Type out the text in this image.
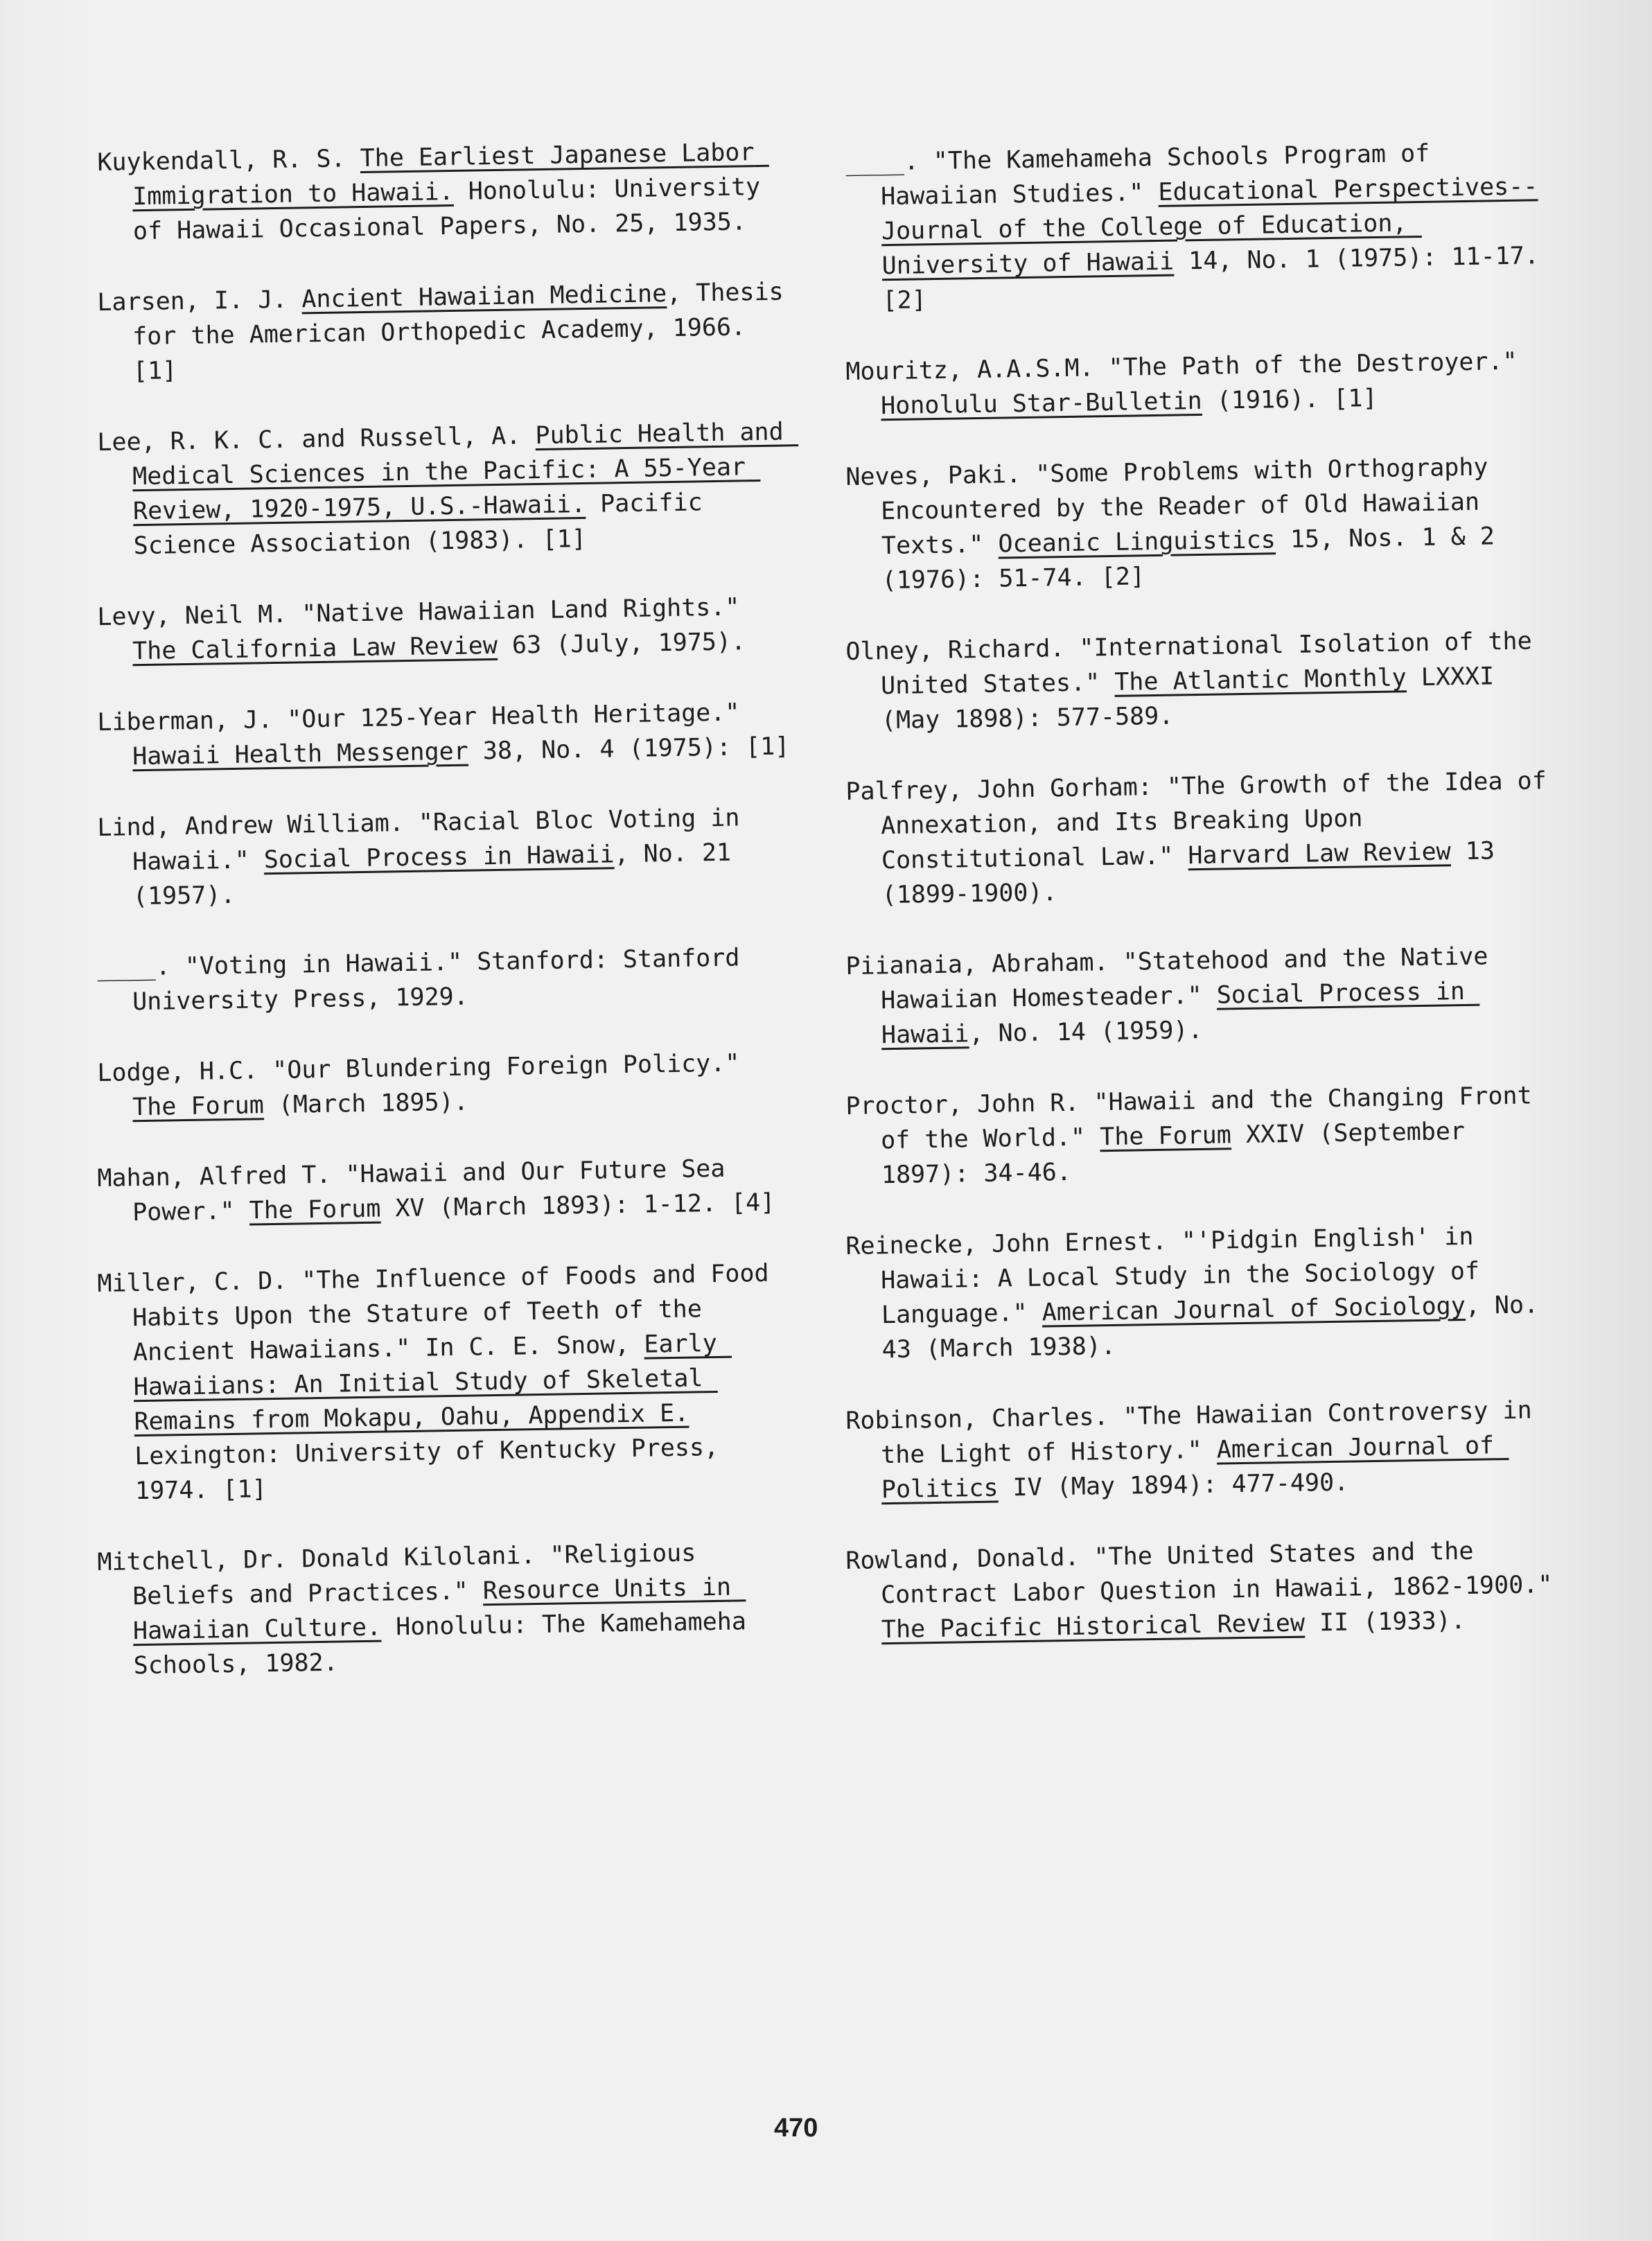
Kuykendall, R. S. The Earliest Japanese Labor Immigration to Hawaii. Honolulu: University of Hawaii Occasional Papers, No. 25, 1935.
Larsen, I. J. Ancient Hawaiian Medicine, Thesis for the American Orthopedic Academy, 1966. [1]
Lee, R. K. C. and Russell, A. Public Health and Medical Sciences in the Pacific: A 55-Year Review, 1920-1975, U.S.-Hawaii. Pacific Science Association (1983). [1]
Levy, Neil M. "Native Hawaiian Land Rights." The California Law Review 63 (July, 1975).
Liberman, J. "Our 125-Year Health Heritage." Hawaii Health Messenger 38, No. 4 (1975): [1]
Lind, Andrew William. "Racial Bloc Voting in Hawaii." Social Process in Hawaii, No. 21 (1957).
____. "Voting in Hawaii." Stanford: Stanford University Press, 1929.
Lodge, H.C. "Our Blundering Foreign Policy." The Forum (March 1895).
Mahan, Alfred T. "Hawaii and Our Future Sea Power." The Forum XV (March 1893): 1-12. [4]
Miller, C. D. "The Influence of Foods and Food Habits Upon the Stature of Teeth of the Ancient Hawaiians." In C. E. Snow, Early Hawaiians: An Initial Study of Skeletal Remains from Mokapu, Oahu, Appendix E. Lexington: University of Kentucky Press, 1974. [1]
Mitchell, Dr. Donald Kilolani. "Religious Beliefs and Practices." Resource Units in Hawaiian Culture. Honolulu: The Kamehameha Schools, 1982.
____. "The Kamehameha Schools Program of Hawaiian Studies." Educational Perspectives--Journal of the College of Education, University of Hawaii 14, No. 1 (1975): 11-17. [2]
Mouritz, A.A.S.M. "The Path of the Destroyer." Honolulu Star-Bulletin (1916). [1]
Neves, Paki. "Some Problems with Orthography Encountered by the Reader of Old Hawaiian Texts." Oceanic Linguistics 15, Nos. 1 & 2 (1976): 51-74. [2]
Olney, Richard. "International Isolation of the United States." The Atlantic Monthly LXXXI (May 1898): 577-589.
Palfrey, John Gorham: "The Growth of the Idea of Annexation, and Its Breaking Upon Constitutional Law." Harvard Law Review 13 (1899-1900).
Piianaia, Abraham. "Statehood and the Native Hawaiian Homesteader." Social Process in Hawaii, No. 14 (1959).
Proctor, John R. "Hawaii and the Changing Front of the World." The Forum XXIV (September 1897): 34-46.
Reinecke, John Ernest. "'Pidgin English' in Hawaii: A Local Study in the Sociology of Language." American Journal of Sociology, No. 43 (March 1938).
Robinson, Charles. "The Hawaiian Controversy in the Light of History." American Journal of Politics IV (May 1894): 477-490.
Rowland, Donald. "The United States and the Contract Labor Question in Hawaii, 1862-1900." The Pacific Historical Review II (1933).
470
